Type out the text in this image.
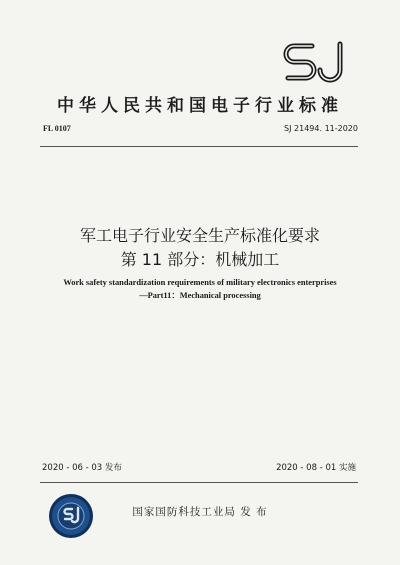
中华人民共和国电子行业标准
FL 0107	SJ 21494. 11-2020
军工电子行业安全生产标准化要求
第 11 部分：机械加工
Work safety standardization requirements of military electronics enterprises
—Part11：Mechanical processing
2020 - 06 - 03 发布	2020 - 08 - 01 实施
国家国防科技工业局 发 布
